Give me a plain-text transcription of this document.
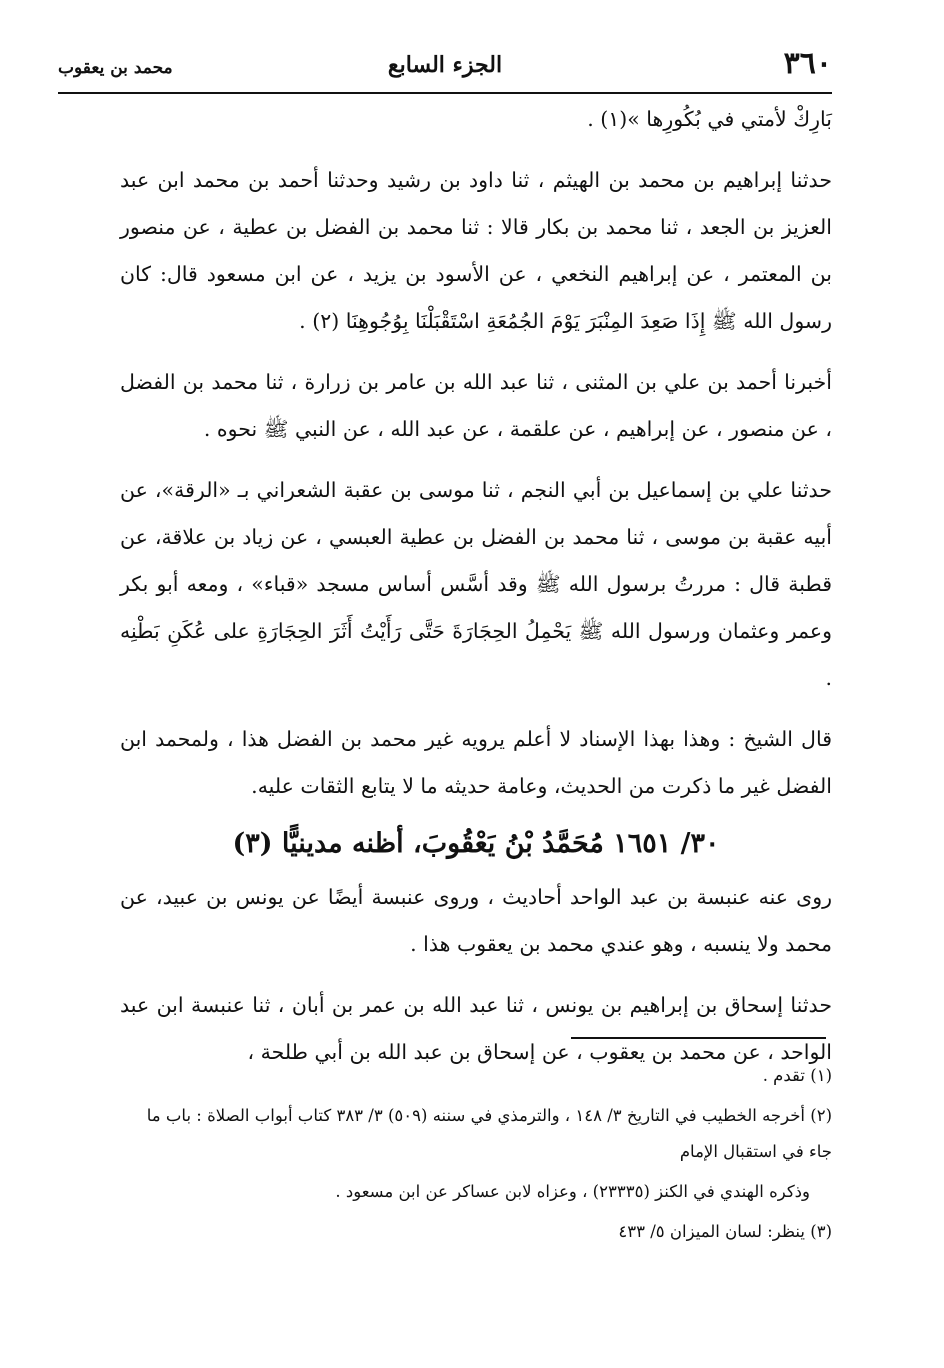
٣٦٠
الجزء السابع
محمد بن يعقوب

بَارِكْ لأمتي في بُكُورِها »(١) .

حدثنا إبراهيم بن محمد بن الهيثم ، ثنا داود بن رشيد وحدثنا أحمد بن محمد ابن عبد العزيز بن الجعد ، ثنا محمد بن بكار قالا : ثنا محمد بن الفضل بن عطية ، عن منصور بن المعتمر ، عن إبراهيم النخعي ، عن الأسود بن يزيد ، عن ابن مسعود قال: كان رسول الله ﷺ إِذَا صَعِدَ المِنْبَرَ يَوْمَ الجُمُعَةِ اسْتَقْبَلْنَا بِوُجُوهِنَا (٢) .

أخبرنا أحمد بن علي بن المثنى ، ثنا عبد الله بن عامر بن زرارة ، ثنا محمد بن الفضل ، عن منصور ، عن إبراهيم ، عن علقمة ، عن عبد الله ، عن النبي ﷺ نحوه .

حدثنا علي بن إسماعيل بن أبي النجم ، ثنا موسى بن عقبة الشعراني بـ «الرقة»، عن أبيه عقبة بن موسى ، ثنا محمد بن الفضل بن عطية العبسي ، عن زياد بن علاقة، عن قطبة قال : مررتُ برسول الله ﷺ وقد أسَّس أساس مسجد «قباء» ، ومعه أبو بكر وعمر وعثمان ورسول الله ﷺ يَحْمِلُ الحِجَارَةَ حَتَّى رَأَيْتُ أَثَرَ الحِجَارَةِ على عُكَنِ بَطْنِه .

قال الشيخ : وهذا بهذا الإسناد لا أعلم يرويه غير محمد بن الفضل هذا ، ولمحمد ابن الفضل غير ما ذكرت من الحديث، وعامة حديثه ما لا يتابع الثقات عليه.

٣٠/ ١٦٥١ مُحَمَّدُ بْنُ يَعْقُوبَ، أظنه مدينيًّا (٣)

روى عنه عنبسة بن عبد الواحد أحاديث ، وروى عنبسة أيضًا عن يونس بن عبيد، عن محمد ولا ينسبه ، وهو عندي محمد بن يعقوب هذا .

حدثنا إسحاق بن إبراهيم بن يونس ، ثنا عبد الله بن عمر بن أبان ، ثنا عنبسة ابن عبد الواحد ، عن محمد بن يعقوب ، عن إسحاق بن عبد الله بن أبي طلحة ،

(١) تقدم .

(٢) أخرجه الخطيب في التاريخ ٣/ ١٤٨ ، والترمذي في سننه (٥٠٩) ٣/ ٣٨٣ كتاب أبواب الصلاة : باب ما جاء في استقبال الإمام

وذكره الهندي في الكنز (٢٣٣٣٥) ، وعزاه لابن عساكر عن ابن مسعود .

(٣) ينظر: لسان الميزان ٥/ ٤٣٣
